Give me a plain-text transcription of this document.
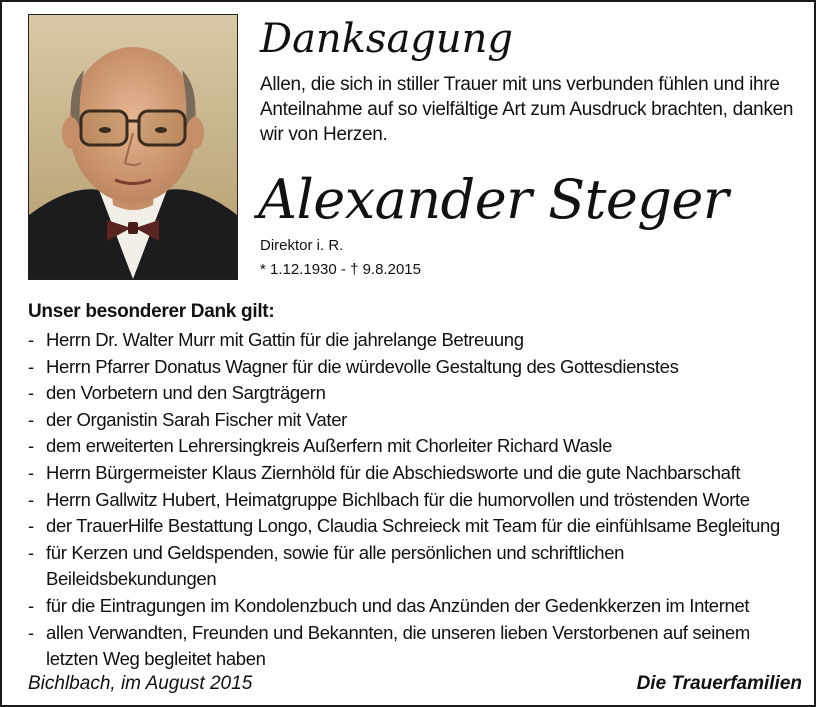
Danksagung
Allen, die sich in stiller Trauer mit uns verbunden fühlen und ihre Anteilnahme auf so vielfältige Art zum Ausdruck brachten, danken wir von Herzen.
Alexander Steger
Direktor i. R.
* 1.12.1930 - † 9.8.2015
Unser besonderer Dank gilt:
- Herrn Dr. Walter Murr mit Gattin für die jahrelange Betreuung
- Herrn Pfarrer Donatus Wagner für die würdevolle Gestaltung des Gottesdienstes
- den Vorbetern und den Sargträgern
- der Organistin Sarah Fischer mit Vater
- dem erweiterten Lehrersingkreis Außerfern mit Chorleiter Richard Wasle
- Herrn Bürgermeister Klaus Ziernhöld für die Abschiedsworte und die gute Nachbarschaft
- Herrn Gallwitz Hubert, Heimatgruppe Bichlbach für die humorvollen und tröstenden Worte
- der TrauerHilfe Bestattung Longo, Claudia Schreieck mit Team für die einfühlsame Begleitung
- für Kerzen und Geldspenden, sowie für alle persönlichen und schriftlichen Beileidsbekundungen
- für die Eintragungen im Kondolenzbuch und das Anzünden der Gedenkkerzen im Internet
- allen Verwandten, Freunden und Bekannten, die unseren lieben Verstorbenen auf seinem letzten Weg begleitet haben
Bichlbach, im August 2015	Die Trauerfamilien
